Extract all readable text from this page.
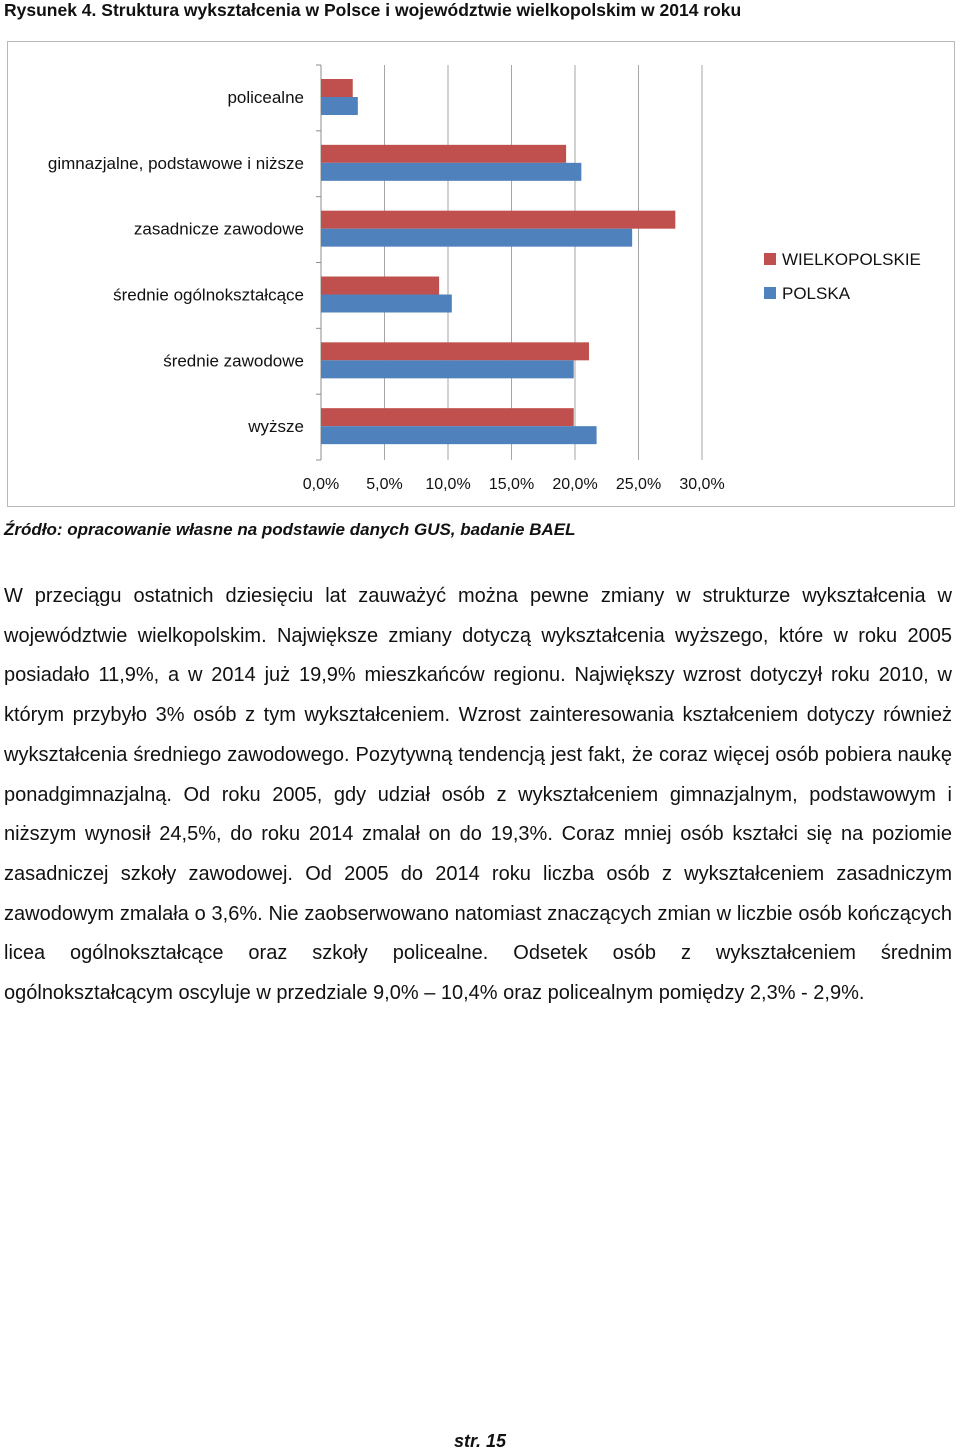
Rysunek 4. Struktura wykształcenia w Polsce i województwie wielkopolskim w 2014 roku
0,0% 5,0% 10,0% 15,0% 20,0% 25,0% 30,0%
policealne
gimnazjalne, podstawowe i niższe
zasadnicze zawodowe
średnie ogólnokształcące
średnie zawodowe
wyższe
WIELKOPOLSKIE
POLSKA
Źródło: opracowanie własne na podstawie danych GUS, badanie BAEL

W przeciągu ostatnich dziesięciu lat zauważyć można pewne zmiany w strukturze wykształcenia w województwie wielkopolskim. Największe zmiany dotyczą wykształcenia wyższego, które w roku 2005 posiadało 11,9%, a w 2014 już 19,9% mieszkańców regionu. Największy wzrost dotyczył roku 2010, w którym przybyło 3% osób z tym wykształceniem. Wzrost zainteresowania kształceniem dotyczy również wykształcenia średniego zawodowego. Pozytywną tendencją jest fakt, że coraz więcej osób pobiera naukę ponadgimnazjalną. Od roku 2005, gdy udział osób z wykształceniem gimnazjalnym, podstawowym i niższym wynosił 24,5%, do roku 2014 zmalał on do 19,3%. Coraz mniej osób kształci się na poziomie zasadniczej szkoły zawodowej. Od 2005 do 2014 roku liczba osób z wykształceniem zasadniczym zawodowym zmalała o 3,6%. Nie zaobserwowano natomiast znaczących zmian w liczbie osób kończących licea ogólnokształcące oraz szkoły policealne. Odsetek osób z wykształceniem średnim ogólnokształcącym oscyluje w przedziale 9,0% – 10,4% oraz policealnym pomiędzy 2,3% - 2,9%.

str. 15
